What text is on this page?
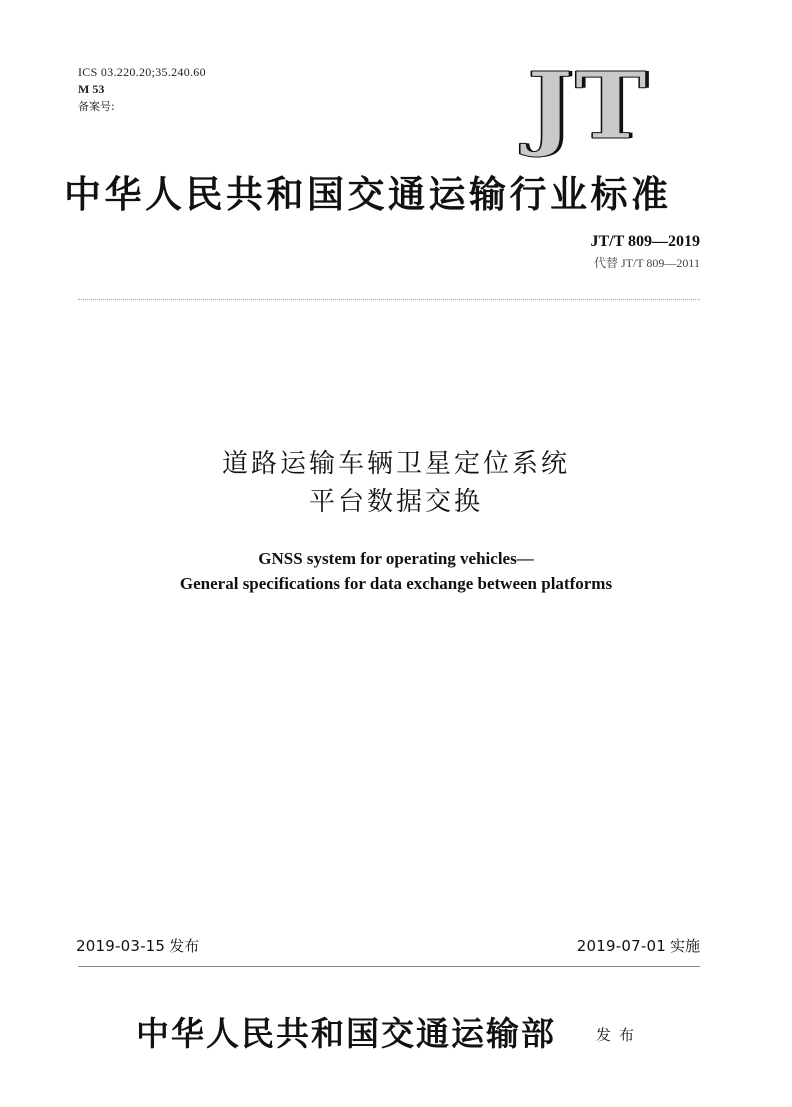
ICS 03.220.20;35.240.60
M 53
备案号:	JT
中华人民共和国交通运输行业标准
JT/T 809—2019
代替 JT/T 809—2011
道路运输车辆卫星定位系统
平台数据交换
GNSS system for operating vehicles—
General specifications for data exchange between platforms
2019-03-15 发布	2019-07-01 实施
中华人民共和国交通运输部	发布
